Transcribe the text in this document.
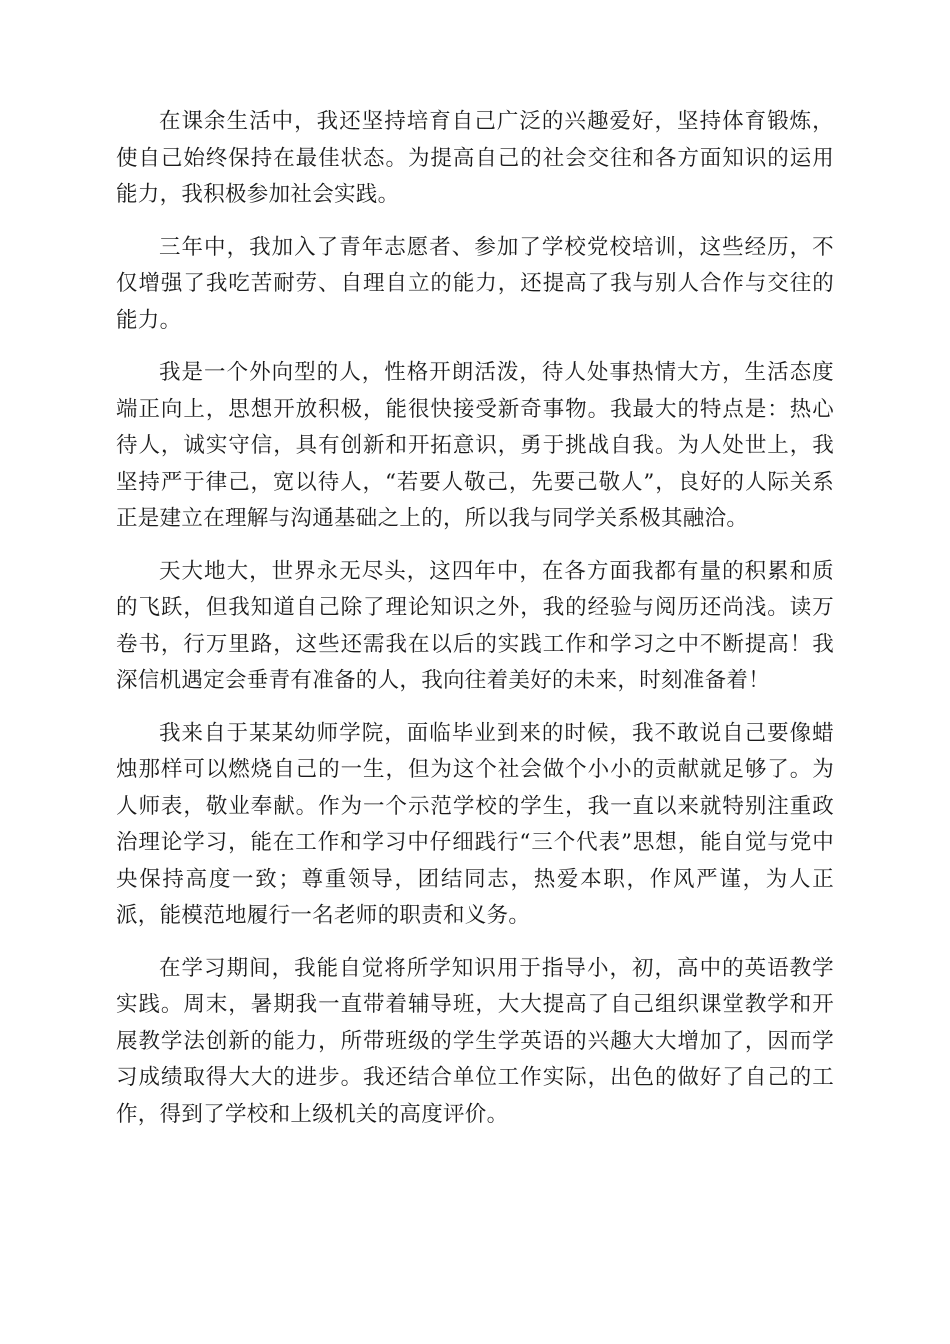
在课余生活中，我还坚持培育自己广泛的兴趣爱好，坚持体育锻炼，使自己始终保持在最佳状态。为提高自己的社会交往和各方面知识的运用能力，我积极参加社会实践。

三年中，我加入了青年志愿者、参加了学校党校培训，这些经历，不仅增强了我吃苦耐劳、自理自立的能力，还提高了我与别人合作与交往的能力。

我是一个外向型的人，性格开朗活泼，待人处事热情大方，生活态度端正向上，思想开放积极，能很快接受新奇事物。我最大的特点是：热心待人，诚实守信，具有创新和开拓意识，勇于挑战自我。为人处世上，我坚持严于律己，宽以待人，“若要人敬己，先要己敬人”，良好的人际关系正是建立在理解与沟通基础之上的，所以我与同学关系极其融洽。

天大地大，世界永无尽头，这四年中，在各方面我都有量的积累和质的飞跃，但我知道自己除了理论知识之外，我的经验与阅历还尚浅。读万卷书，行万里路，这些还需我在以后的实践工作和学习之中不断提高！我深信机遇定会垂青有准备的人，我向往着美好的未来，时刻准备着！

我来自于某某幼师学院，面临毕业到来的时候，我不敢说自己要像蜡烛那样可以燃烧自己的一生，但为这个社会做个小小的贡献就足够了。为人师表，敬业奉献。作为一个示范学校的学生，我一直以来就特别注重政治理论学习，能在工作和学习中仔细践行“三个代表”思想，能自觉与党中央保持高度一致；尊重领导，团结同志，热爱本职，作风严谨，为人正派，能模范地履行一名老师的职责和义务。

在学习期间，我能自觉将所学知识用于指导小，初，高中的英语教学实践。周末，暑期我一直带着辅导班，大大提高了自己组织课堂教学和开展教学法创新的能力，所带班级的学生学英语的兴趣大大增加了，因而学习成绩取得大大的进步。我还结合单位工作实际，出色的做好了自己的工作，得到了学校和上级机关的高度评价。
